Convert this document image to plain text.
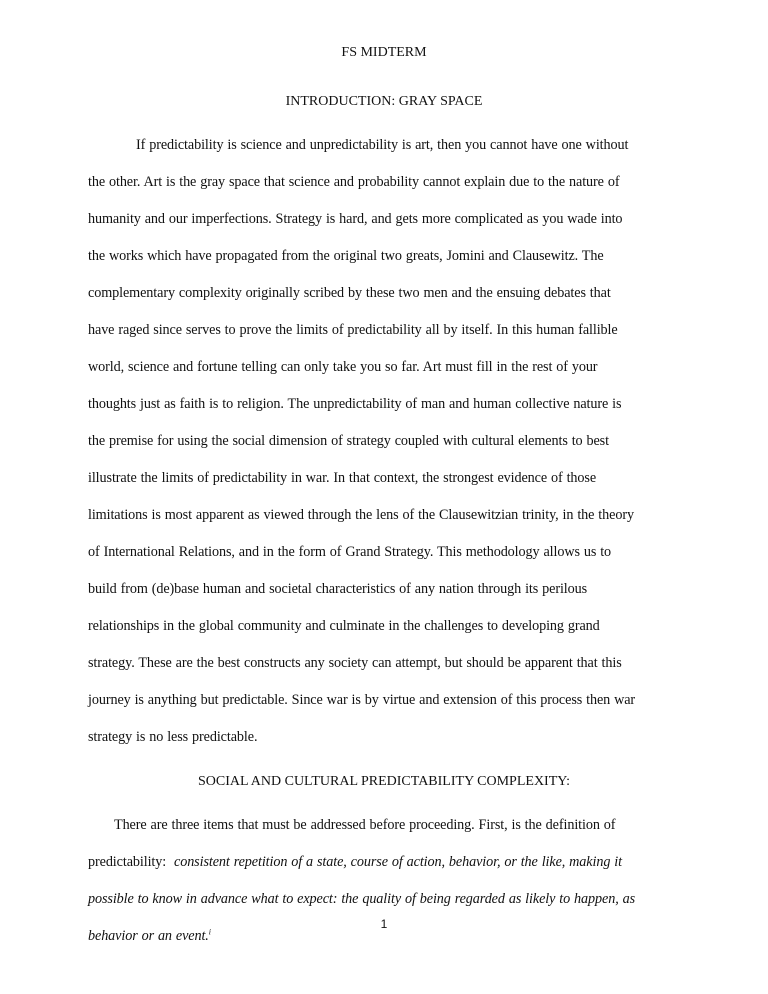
FS MIDTERM
INTRODUCTION: GRAY SPACE
If predictability is science and unpredictability is art, then you cannot have one without
the other. Art is the gray space that science and probability cannot explain due to the nature of
humanity and our imperfections. Strategy is hard, and gets more complicated as you wade into
the works which have propagated from the original two greats, Jomini and Clausewitz. The
complementary complexity originally scribed by these two men and the ensuing debates that
have raged since serves to prove the limits of predictability all by itself. In this human fallible
world, science and fortune telling can only take you so far. Art must fill in the rest of your
thoughts just as faith is to religion. The unpredictability of man and human collective nature is
the premise for using the social dimension of strategy coupled with cultural elements to best
illustrate the limits of predictability in war. In that context, the strongest evidence of those
limitations is most apparent as viewed through the lens of the Clausewitzian trinity, in the theory
of International Relations, and in the form of Grand Strategy. This methodology allows us to
build from (de)base human and societal characteristics of any nation through its perilous
relationships in the global community and culminate in the challenges to developing grand
strategy. These are the best constructs any society can attempt, but should be apparent that this
journey is anything but predictable. Since war is by virtue and extension of this process then war
strategy is no less predictable.
SOCIAL AND CULTURAL PREDICTABILITY COMPLEXITY:
There are three items that must be addressed before proceeding. First, is the definition of
predictability: consistent repetition of a state, course of action, behavior, or the like, making it
possible to know in advance what to expect: the quality of being regarded as likely to happen, as
behavior or an event.$^i$
1
